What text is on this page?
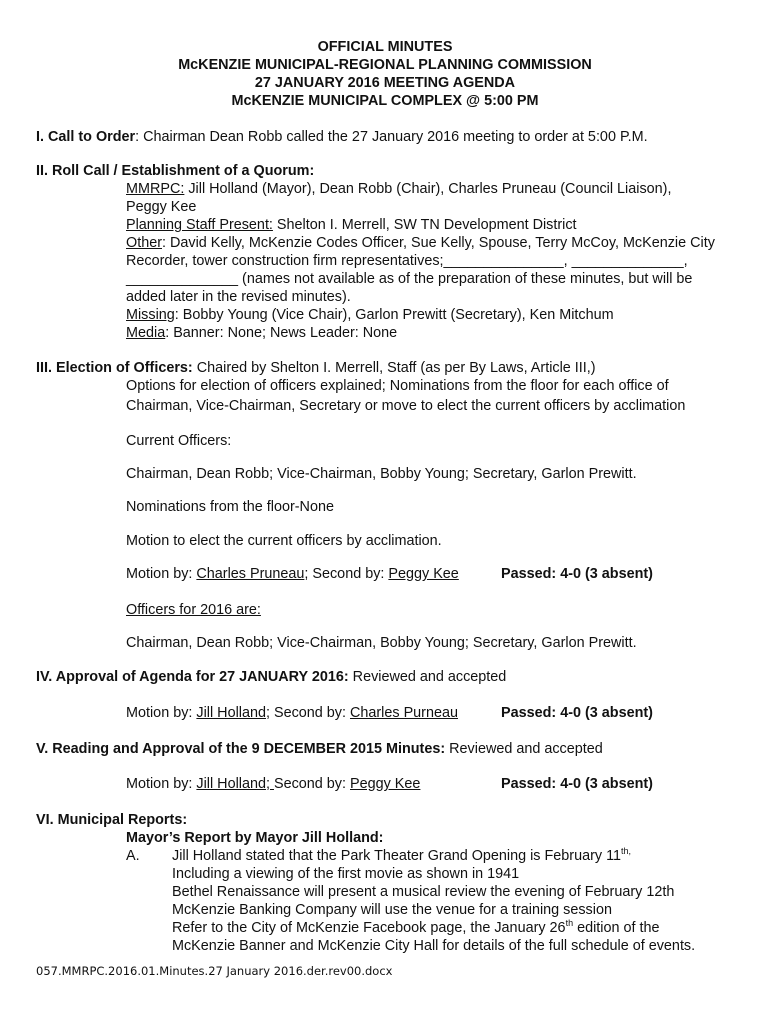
OFFICIAL MINUTES
McKENZIE MUNICIPAL-REGIONAL PLANNING COMMISSION
27 JANUARY 2016 MEETING AGENDA
McKENZIE MUNICIPAL COMPLEX @ 5:00 PM
I. Call to Order: Chairman Dean Robb called the 27 January 2016 meeting to order at 5:00 P.M.
II. Roll Call / Establishment of a Quorum:
MMRPC: Jill Holland (Mayor), Dean Robb (Chair), Charles Pruneau (Council Liaison),
Peggy Kee
Planning Staff Present: Shelton I. Merrell, SW TN Development District
Other: David Kelly, McKenzie Codes Officer, Sue Kelly, Spouse, Terry McCoy, McKenzie City
Recorder, tower construction firm representatives;_______________, ______________,
______________ (names not available as of the preparation of these minutes, but will be
added later in the revised minutes).
Missing: Bobby Young (Vice Chair), Garlon Prewitt (Secretary), Ken Mitchum
Media: Banner: None; News Leader: None
III. Election of Officers: Chaired by Shelton I. Merrell, Staff (as per By Laws, Article III,)
Options for election of officers explained; Nominations from the floor for each office of
Chairman, Vice-Chairman, Secretary or move to elect the current officers by acclimation
Current Officers:
Chairman, Dean Robb; Vice-Chairman, Bobby Young; Secretary, Garlon Prewitt.
Nominations from the floor-None
Motion to elect the current officers by acclimation.
Motion by: Charles Pruneau; Second by: Peggy Kee	Passed: 4-0 (3 absent)
Officers for 2016 are:
Chairman, Dean Robb; Vice-Chairman, Bobby Young; Secretary, Garlon Prewitt.
IV. Approval of Agenda for 27 JANUARY 2016: Reviewed and accepted
Motion by: Jill Holland; Second by: Charles Purneau	Passed: 4-0 (3 absent)
V. Reading and Approval of the 9 DECEMBER 2015 Minutes: Reviewed and accepted
Motion by: Jill Holland; Second by: Peggy Kee	Passed: 4-0 (3 absent)
VI. Municipal Reports:
Mayor’s Report by Mayor Jill Holland:
A. Jill Holland stated that the Park Theater Grand Opening is February $11^{th,}$
Including a viewing of the first movie as shown in 1941
Bethel Renaissance will present a musical review the evening of February 12th
McKenzie Banking Company will use the venue for a training session
Refer to the City of McKenzie Facebook page, the January 26th edition of the
McKenzie Banner and McKenzie City Hall for details of the full schedule of events.
057.MMRPC.2016.01.Minutes.27 January 2016.der.rev00.docx
